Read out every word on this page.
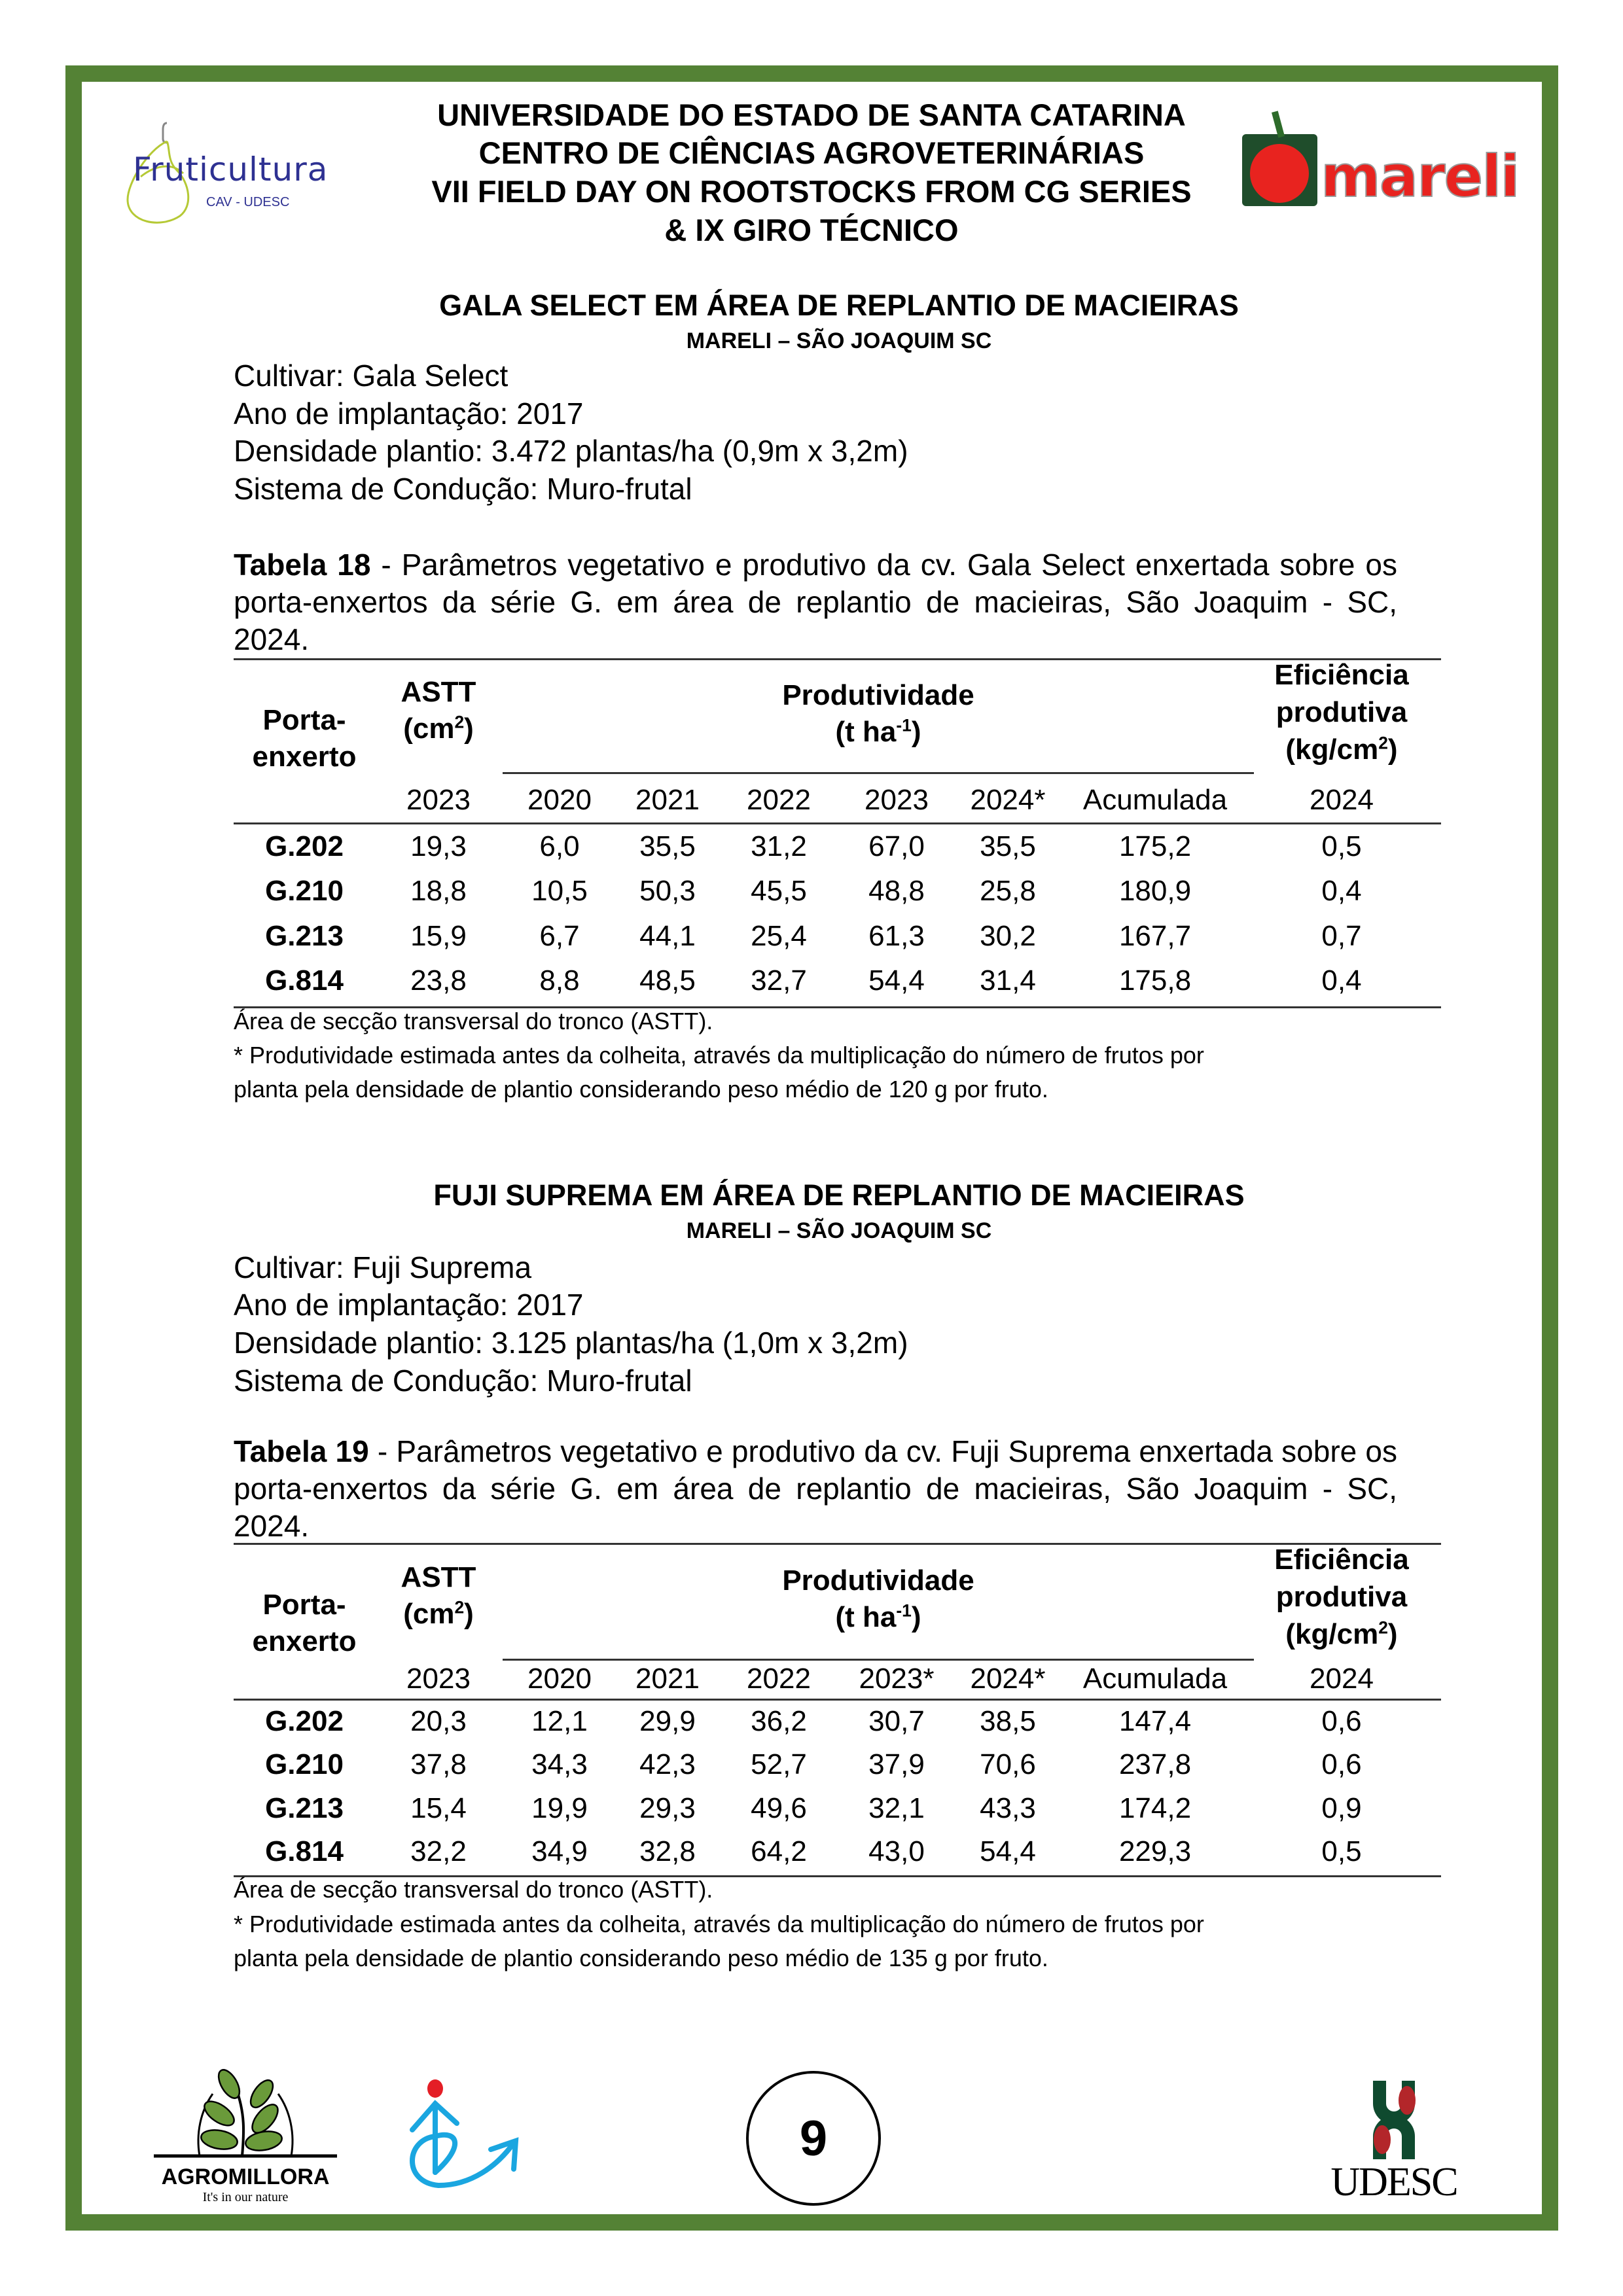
Fruticultura
CAV - UDESC	mareli
UNIVERSIDADE DO ESTADO DE SANTA CATARINA
CENTRO DE CIÊNCIAS AGROVETERINÁRIAS
VII FIELD DAY ON ROOTSTOCKS FROM CG SERIES
& IX GIRO TÉCNICO
GALA SELECT EM ÁREA DE REPLANTIO DE MACIEIRAS
MARELI – SÃO JOAQUIM SC
Cultivar: Gala Select
Ano de implantação: 2017
Densidade plantio: 3.472 plantas/ha (0,9m x 3,2m)
Sistema de Condução: Muro-frutal
Tabela 18 - Parâmetros vegetativo e produtivo da cv. Gala Select enxertada sobre os porta-enxertos da série G. em área de replantio de macieiras, São Joaquim - SC, 2024.
Porta-
enxerto
ASTT
$(cm^2)$
Produtividade
(t $ha^{-1}$)
Eficiência
produtiva
$(kg/cm^2)$
2023	2020	2021	2022	2023	2024*	Acumulada	2024
G.202	19,3	6,0	35,5	31,2	67,0	35,5	175,2	0,5
G.210	18,8	10,5	50,3	45,5	48,8	25,8	180,9	0,4
G.213	15,9	6,7	44,1	25,4	61,3	30,2	167,7	0,7
G.814	23,8	8,8	48,5	32,7	54,4	31,4	175,8	0,4
Área de secção transversal do tronco (ASTT).
* Produtividade estimada antes da colheita, através da multiplicação do número de frutos por
planta pela densidade de plantio considerando peso médio de 120 g por fruto.
FUJI SUPREMA EM ÁREA DE REPLANTIO DE MACIEIRAS
MARELI – SÃO JOAQUIM SC
Cultivar: Fuji Suprema
Ano de implantação: 2017
Densidade plantio: 3.125 plantas/ha (1,0m x 3,2m)
Sistema de Condução: Muro-frutal
Tabela 19 - Parâmetros vegetativo e produtivo da cv. Fuji Suprema enxertada sobre os porta-enxertos da série G. em área de replantio de macieiras, São Joaquim - SC, 2024.
Porta-
enxerto
ASTT
$(cm^2)$
Produtividade
(t $ha^{-1}$)
Eficiência
produtiva
$(kg/cm^2)$
2023	2020	2021	2022	2023*	2024*	Acumulada	2024
G.202	20,3	12,1	29,9	36,2	30,7	38,5	147,4	0,6
G.210	37,8	34,3	42,3	52,7	37,9	70,6	237,8	0,6
G.213	15,4	19,9	29,3	49,6	32,1	43,3	174,2	0,9
G.814	32,2	34,9	32,8	64,2	43,0	54,4	229,3	0,5
Área de secção transversal do tronco (ASTT).
* Produtividade estimada antes da colheita, através da multiplicação do número de frutos por
planta pela densidade de plantio considerando peso médio de 135 g por fruto.
AGROMILLORA
It's in our nature
9
UDESC
